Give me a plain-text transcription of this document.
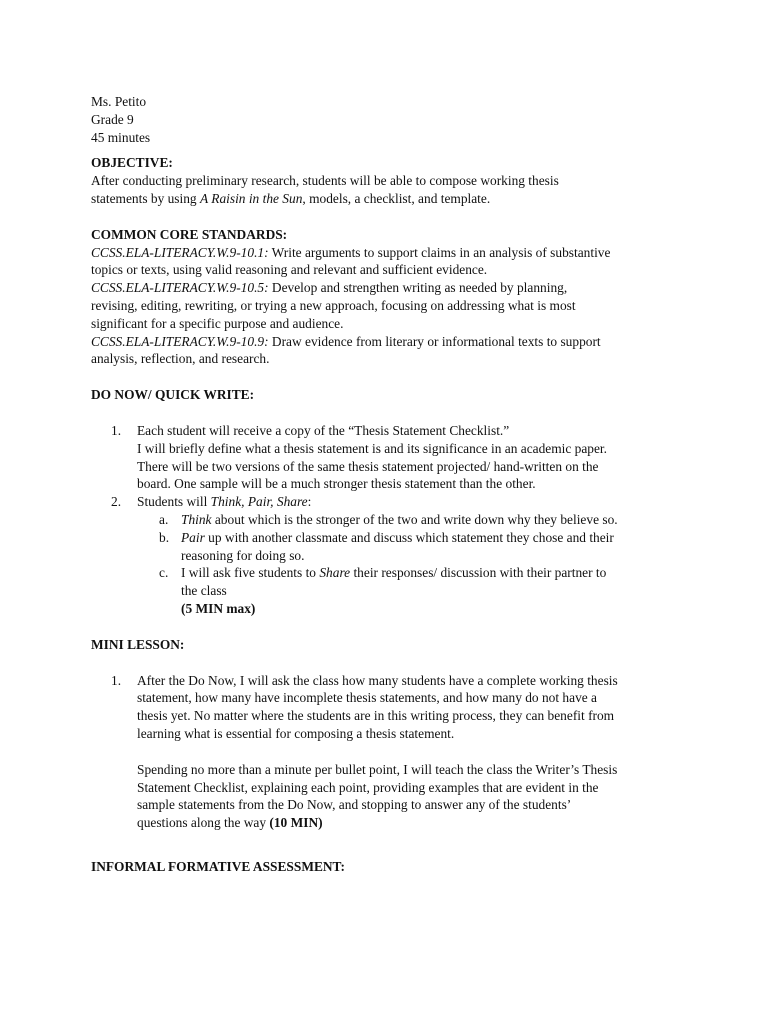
Ms. Petito
Grade 9
45 minutes
OBJECTIVE:
After conducting preliminary research, students will be able to compose working thesis
statements by using A Raisin in the Sun, models, a checklist, and template.
COMMON CORE STANDARDS:
CCSS.ELA-LITERACY.W.9-10.1: Write arguments to support claims in an analysis of substantive
topics or texts, using valid reasoning and relevant and sufficient evidence.
CCSS.ELA-LITERACY.W.9-10.5: Develop and strengthen writing as needed by planning,
revising, editing, rewriting, or trying a new approach, focusing on addressing what is most
significant for a specific purpose and audience.
CCSS.ELA-LITERACY.W.9-10.9: Draw evidence from literary or informational texts to support
analysis, reflection, and research.
DO NOW/ QUICK WRITE:
1. Each student will receive a copy of the “Thesis Statement Checklist.”
I will briefly define what a thesis statement is and its significance in an academic paper.
There will be two versions of the same thesis statement projected/ hand-written on the
board. One sample will be a much stronger thesis statement than the other.
2. Students will Think, Pair, Share:
a. Think about which is the stronger of the two and write down why they believe so.
b. Pair up with another classmate and discuss which statement they chose and their
reasoning for doing so.
c. I will ask five students to Share their responses/ discussion with their partner to
the class
(5 MIN max)
MINI LESSON:
1. After the Do Now, I will ask the class how many students have a complete working thesis
statement, how many have incomplete thesis statements, and how many do not have a
thesis yet. No matter where the students are in this writing process, they can benefit from
learning what is essential for composing a thesis statement.
Spending no more than a minute per bullet point, I will teach the class the Writer’s Thesis
Statement Checklist, explaining each point, providing examples that are evident in the
sample statements from the Do Now, and stopping to answer any of the students’
questions along the way (10 MIN)
INFORMAL FORMATIVE ASSESSMENT:
